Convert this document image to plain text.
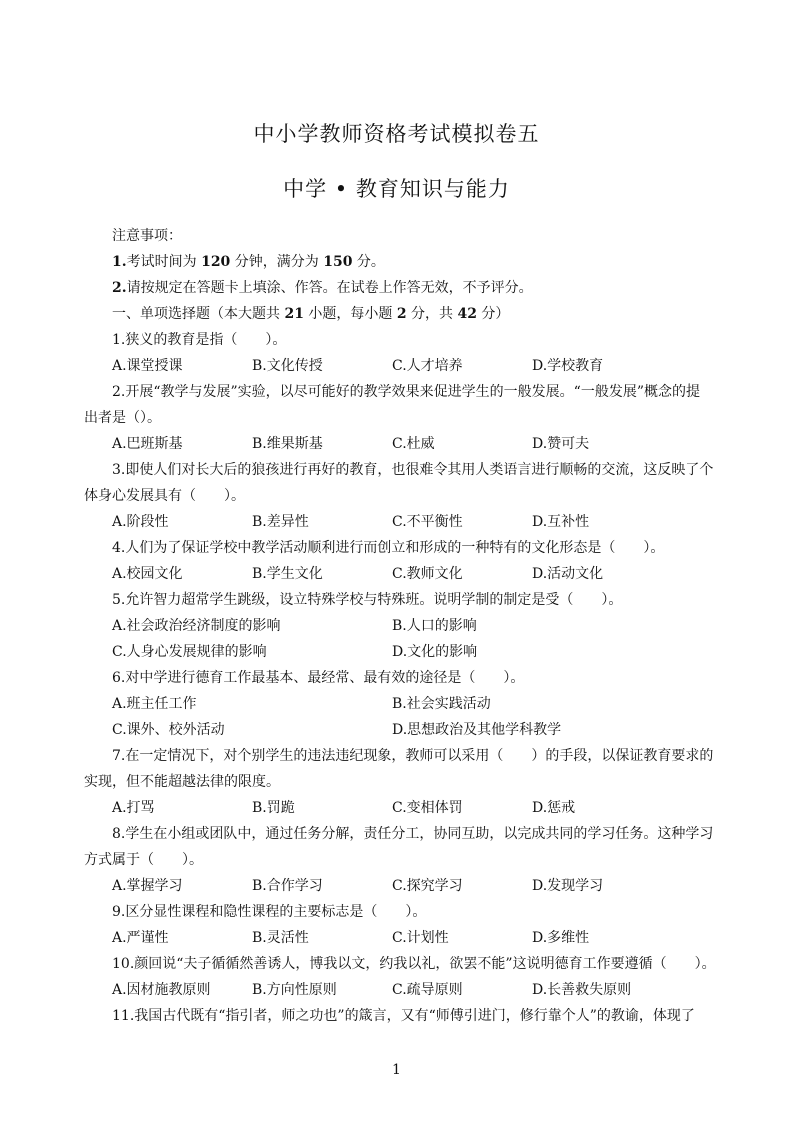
中小学教师资格考试模拟卷五
中学 • 教育知识与能力
注意事项：
1.考试时间为 120 分钟，满分为 150 分。
2.请按规定在答题卡上填涂、作答。在试卷上作答无效，不予评分。
一、单项选择题（本大题共 21 小题，每小题 2 分，共 42 分）
1.狭义的教育是指（　　）。
A.课堂授课	B.文化传授	C.人才培养	D.学校教育
2.开展“教学与发展”实验，以尽可能好的教学效果来促进学生的一般发展。“一般发展”概念的提
出者是（）。
A.巴班斯基	B.维果斯基	C.杜威	D.赞可夫
3.即使人们对长大后的狼孩进行再好的教育，也很难令其用人类语言进行顺畅的交流，这反映了个
体身心发展具有（　　）。
A.阶段性	B.差异性	C.不平衡性	D.互补性
4.人们为了保证学校中教学活动顺利进行而创立和形成的一种特有的文化形态是（　　）。
A.校园文化	B.学生文化	C.教师文化	D.活动文化
5.允许智力超常学生跳级，设立特殊学校与特殊班。说明学制的制定是受（　　）。
A.社会政治经济制度的影响	B.人口的影响
C.人身心发展规律的影响	D.文化的影响
6.对中学进行德育工作最基本、最经常、最有效的途径是（　　）。
A.班主任工作	B.社会实践活动
C.课外、校外活动	D.思想政治及其他学科教学
7.在一定情况下，对个别学生的违法违纪现象，教师可以采用（　　）的手段，以保证教育要求的
实现，但不能超越法律的限度。
A.打骂	B.罚跪	C.变相体罚	D.惩戒
8.学生在小组或团队中，通过任务分解，责任分工，协同互助，以完成共同的学习任务。这种学习
方式属于（　　）。
A.掌握学习	B.合作学习	C.探究学习	D.发现学习
9.区分显性课程和隐性课程的主要标志是（　　）。
A.严谨性	B.灵活性	C.计划性	D.多维性
10.颜回说“夫子循循然善诱人，博我以文，约我以礼，欲罢不能”这说明德育工作要遵循（　　）。
A.因材施教原则	B.方向性原则	C.疏导原则	D.长善救失原则
11.我国古代既有“指引者，师之功也”的箴言，又有“师傅引进门，修行靠个人”的教谕，体现了
1
